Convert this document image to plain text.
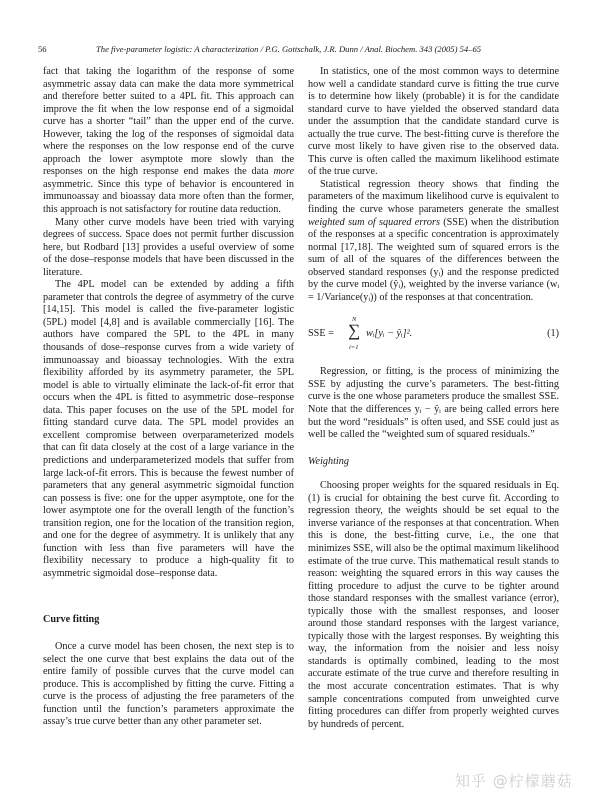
56	The five-parameter logistic: A characterization / P.G. Gottschalk, J.R. Dunn / Anal. Biochem. 343 (2005) 54–65

fact that taking the logarithm of the response of some asymmetric assay data can make the data more symmetrical and therefore better suited to a 4PL fit. This approach can improve the fit when the low response end of a sigmoidal curve has a shorter “tail” than the upper end of the curve. However, taking the log of the responses of sigmoidal data where the responses on the low response end of the curve approach the lower asymptote more slowly than the responses on the high response end makes the data more asymmetric. Since this type of behavior is encountered in immunoassay and bioassay data more often than the former, this approach is not satisfactory for routine data reduction.

Many other curve models have been tried with varying degrees of success. Space does not permit further discussion here, but Rodbard [13] provides a useful overview of some of the dose–response models that have been discussed in the literature.

The 4PL model can be extended by adding a fifth parameter that controls the degree of asymmetry of the curve [14,15]. This model is called the five-parameter logistic (5PL) model [4,8] and is available commercially [16]. The authors have compared the 5PL to the 4PL in many thousands of dose–response curves from a wide variety of immunoassay and bioassay technologies. With the extra flexibility afforded by its asymmetry parameter, the 5PL model is able to virtually eliminate the lack-of-fit error that occurs when the 4PL is fitted to asymmetric dose–response data. This paper focuses on the use of the 5PL model for fitting standard curve data. The 5PL model provides an excellent compromise between overparameterized models that can fit data closely at the cost of a large variance in the predictions and underparameterized models that suffer from large lack-of-fit errors. This is because the fewest number of parameters that any general asymmetric sigmoidal function can possess is five: one for the upper asymptote, one for the lower asymptote one for the overall length of the function’s transition region, one for the location of the transition region, and one for the degree of asymmetry. It is unlikely that any function with less than five parameters will have the flexibility necessary to produce a high-quality fit to asymmetric sigmoidal dose–response data.

Curve fitting

Once a curve model has been chosen, the next step is to select the one curve that best explains the data out of the entire family of possible curves that the curve model can produce. This is accomplished by fitting the curve. Fitting a curve is the process of adjusting the free parameters of the function until the function’s parameters approximate the assay’s true curve better than any other parameter set.

In statistics, one of the most common ways to determine how well a candidate standard curve is fitting the true curve is to determine how likely (probable) it is for the candidate standard curve to have yielded the observed standard data under the assumption that the candidate standard curve is actually the true curve. The best-fitting curve is therefore the curve most likely to have given rise to the observed data. This curve is often called the maximum likelihood estimate of the true curve.

Statistical regression theory shows that finding the parameters of the maximum likelihood curve is equivalent to finding the curve whose parameters generate the smallest weighted sum of squared errors (SSE) when the distribution of the responses at a specific concentration is approximately normal [17,18]. The weighted sum of squared errors is the sum of all of the squares of the differences between the observed standard responses (yᵢ) and the response predicted by the curve model (ŷᵢ), weighted by the inverse variance (wᵢ = 1/Variance(yᵢ)) of the responses at that concentration.

SSE =
N
∑
i=1
wᵢ[yᵢ − ŷᵢ]².	(1)

Regression, or fitting, is the process of minimizing the SSE by adjusting the curve’s parameters. The best-fitting curve is the one whose parameters produce the smallest SSE. Note that the differences yᵢ − ŷᵢ are being called errors here but the word “residuals” is often used, and SSE could just as well be called the “weighted sum of squared residuals.”

Weighting

Choosing proper weights for the squared residuals in Eq. (1) is crucial for obtaining the best curve fit. According to regression theory, the weights should be set equal to the inverse variance of the responses at that concentration. When this is done, the best-fitting curve, i.e., the one that minimizes SSE, will also be the optimal maximum likelihood estimate of the true curve. This mathematical result stands to reason: weighting the squared errors in this way causes the fitting procedure to adjust the curve to be tighter around those standard responses with the smallest variance (error), typically those with the smallest responses, and looser around those standard responses with the largest variance, typically those with the largest responses. By weighting this way, the information from the noisier and less noisy standards is optimally combined, leading to the most accurate estimate of the true curve and therefore resulting in the most accurate concentration estimates. That is why sample concentrations computed from unweighted curve fitting procedures can differ from properly weighted curves by hundreds of percent.

知乎 @柠檬蘑菇
